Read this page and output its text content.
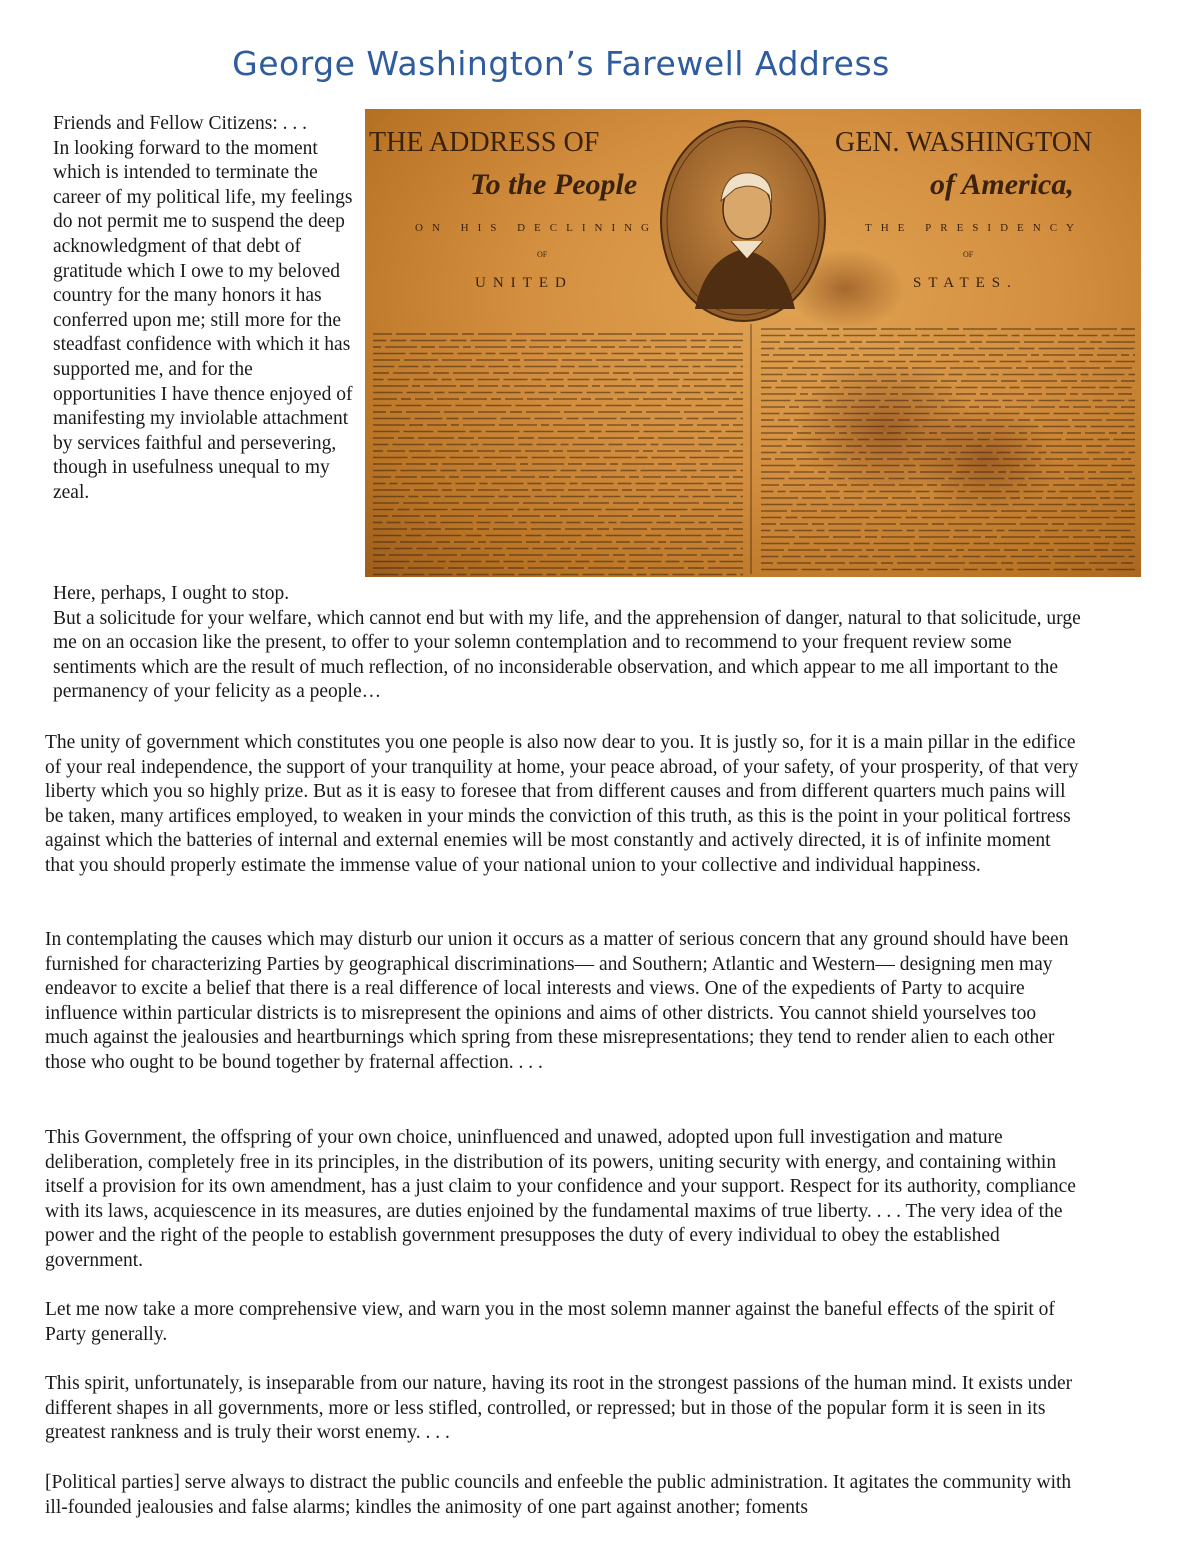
George Washington’s Farewell Address

Friends and Fellow Citizens: . . .

In looking forward to the moment which is intended to terminate the career of my political life, my feelings do not permit me to suspend the deep acknowledgment of that debt of gratitude which I owe to my beloved country for the many honors it has conferred upon me; still more for the steadfast confidence with which it has supported me, and for the opportunities I have thence enjoyed of manifesting my inviolable attachment by services faithful and persevering, though in usefulness unequal to my zeal.

THE ADDRESS OF	GEN. WASHINGTON
To the People	of America,
ON HIS DECLINING	THE PRESIDENCY
OF	OF
UNITED	STATES.

Here, perhaps, I ought to stop.

But a solicitude for your welfare, which cannot end but with my life, and the apprehension of danger, natural to that solicitude, urge me on an occasion like the present, to offer to your solemn contemplation and to recommend to your frequent review some sentiments which are the result of much reflection, of no inconsiderable observation, and which appear to me all important to the permanency of your felicity as a people…

The unity of government which constitutes you one people is also now dear to you. It is justly so, for it is a main pillar in the edifice of your real independence, the support of your tranquility at home, your peace abroad, of your safety, of your prosperity, of that very liberty which you so highly prize. But as it is easy to foresee that from different causes and from different quarters much pains will be taken, many artifices employed, to weaken in your minds the conviction of this truth, as this is the point in your political fortress against which the batteries of internal and external enemies will be most constantly and actively directed, it is of infinite moment that you should properly estimate the immense value of your national union to your collective and individual happiness.

In contemplating the causes which may disturb our union it occurs as a matter of serious concern that any ground should have been furnished for characterizing Parties by geographical discriminations— and Southern; Atlantic and Western— designing men may endeavor to excite a belief that there is a real difference of local interests and views. One of the expedients of Party to acquire influence within particular districts is to misrepresent the opinions and aims of other districts. You cannot shield yourselves too much against the jealousies and heartburnings which spring from these misrepresentations; they tend to render alien to each other those who ought to be bound together by fraternal affection. . . .

This Government, the offspring of your own choice, uninfluenced and unawed, adopted upon full investigation and mature deliberation, completely free in its principles, in the distribution of its powers, uniting security with energy, and containing within itself a provision for its own amendment, has a just claim to your confidence and your support. Respect for its authority, compliance with its laws, acquiescence in its measures, are duties enjoined by the fundamental maxims of true liberty. . . . The very idea of the power and the right of the people to establish government presupposes the duty of every individual to obey the established government.

Let me now take a more comprehensive view, and warn you in the most solemn manner against the baneful effects of the spirit of Party generally.

This spirit, unfortunately, is inseparable from our nature, having its root in the strongest passions of the human mind. It exists under different shapes in all governments, more or less stifled, controlled, or repressed; but in those of the popular form it is seen in its greatest rankness and is truly their worst enemy. . . .

[Political parties] serve always to distract the public councils and enfeeble the public administration. It agitates the community with ill-founded jealousies and false alarms; kindles the animosity of one part against another; foments
